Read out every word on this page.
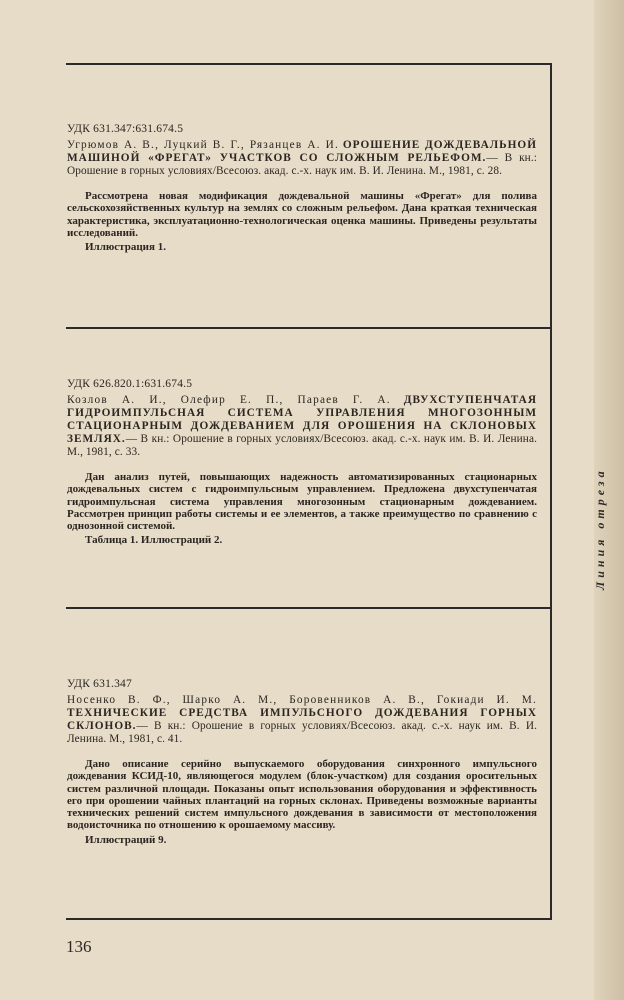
УДК 631.347:631.674.5
Угрюмов А. В., Луцкий В. Г., Рязанцев А. И. ОРОШЕНИЕ ДОЖДЕВАЛЬНОЙ МАШИНОЙ «ФРЕГАТ» УЧАСТКОВ СО СЛОЖНЫМ РЕЛЬЕФОМ.— В кн.: Орошение в горных условиях/Всесоюз. акад. с.-х. наук им. В. И. Ленина. М., 1981, с. 28.
Рассмотрена новая модификация дождевальной машины «Фрегат» для полива сельскохозяйственных культур на землях со сложным рельефом. Дана краткая техническая характеристика, эксплуатационно-технологическая оценка машины. Приведены результаты исследований.
Иллюстрация 1.
УДК 626.820.1:631.674.5
Козлов А. И., Олефир Е. П., Параев Г. А. ДВУХСТУПЕНЧАТАЯ ГИДРОИМПУЛЬСНАЯ СИСТЕМА УПРАВЛЕНИЯ МНОГОЗОННЫМ СТАЦИОНАРНЫМ ДОЖДЕВАНИЕМ ДЛЯ ОРОШЕНИЯ НА СКЛОНОВЫХ ЗЕМЛЯХ.— В кн.: Орошение в горных условиях/Всесоюз. акад. с.-х. наук им. В. И. Ленина. М., 1981, с. 33.
Дан анализ путей, повышающих надежность автоматизированных стационарных дождевальных систем с гидроимпульсным управлением. Предложена двухступенчатая гидроимпульсная система управления многозонным стационарным дождеванием. Рассмотрен принцип работы системы и ее элементов, а также преимущество по сравнению с однозонной системой.
Таблица 1. Иллюстраций 2.
УДК 631.347
Носенко В. Ф., Шарко А. М., Боровенников А. В., Гокиади И. М. ТЕХНИЧЕСКИЕ СРЕДСТВА ИМПУЛЬСНОГО ДОЖДЕВАНИЯ ГОРНЫХ СКЛОНОВ.— В кн.: Орошение в горных условиях/Всесоюз. акад. с.-х. наук им. В. И. Ленина. М., 1981, с. 41.
Дано описание серийно выпускаемого оборудования синхронного импульсного дождевания КСИД-10, являющегося модулем (блок-участком) для создания оросительных систем различной площади. Показаны опыт использования оборудования и эффективность его при орошении чайных плантаций на горных склонах. Приведены возможные варианты технических решений систем импульсного дождевания в зависимости от местоположения водоисточника по отношению к орошаемому массиву.
Иллюстраций 9.
Линия отреза
136
